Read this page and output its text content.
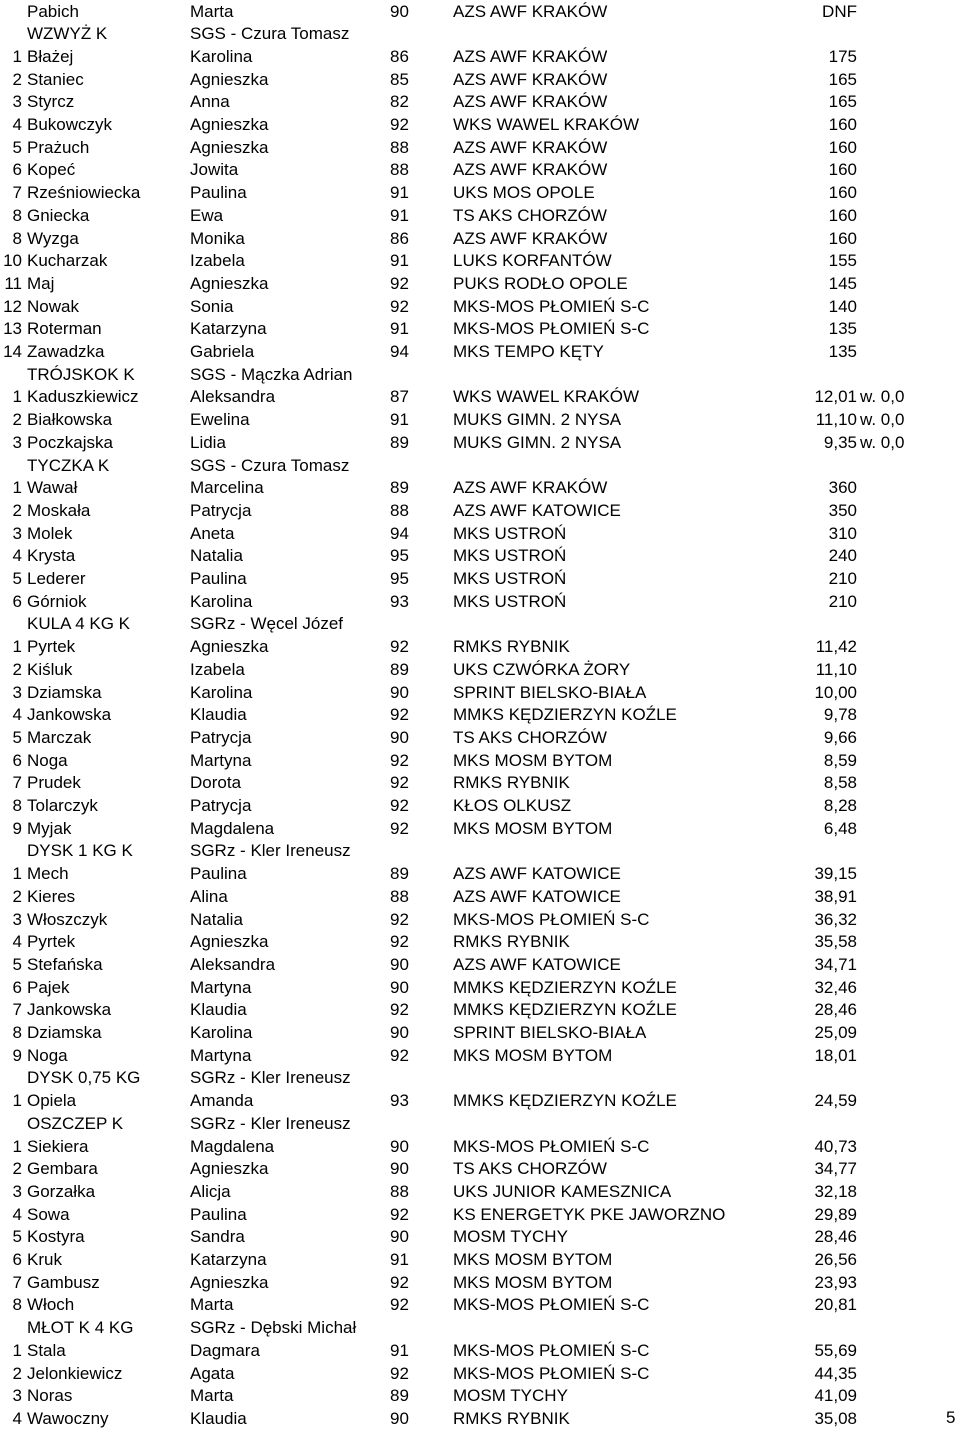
Pabich	Marta	90	AZS AWF KRAKÓW	DNF
WZWYŻ K	SGS - Czura Tomasz
1 Błażej	Karolina	86	AZS AWF KRAKÓW	175
2 Staniec	Agnieszka	85	AZS AWF KRAKÓW	165
3 Styrcz	Anna	82	AZS AWF KRAKÓW	165
4 Bukowczyk	Agnieszka	92	WKS WAWEL KRAKÓW	160
5 Prażuch	Agnieszka	88	AZS AWF KRAKÓW	160
6 Kopeć	Jowita	88	AZS AWF KRAKÓW	160
7 Rześniowiecka	Paulina	91	UKS MOS OPOLE	160
8 Gniecka	Ewa	91	TS AKS CHORZÓW	160
8 Wyzga	Monika	86	AZS AWF KRAKÓW	160
10 Kucharzak	Izabela	91	LUKS KORFANTÓW	155
11 Maj	Agnieszka	92	PUKS RODŁO OPOLE	145
12 Nowak	Sonia	92	MKS-MOS PŁOMIEŃ S-C	140
13 Roterman	Katarzyna	91	MKS-MOS PŁOMIEŃ S-C	135
14 Zawadzka	Gabriela	94	MKS TEMPO KĘTY	135
TRÓJSKOK K	SGS - Mączka Adrian
1 Kaduszkiewicz	Aleksandra	87	WKS WAWEL KRAKÓW	12,01 w. 0,0
2 Białkowska	Ewelina	91	MUKS GIMN. 2 NYSA	11,10 w. 0,0
3 Poczkajska	Lidia	89	MUKS GIMN. 2 NYSA	9,35 w. 0,0
TYCZKA K	SGS - Czura Tomasz
1 Wawał	Marcelina	89	AZS AWF KRAKÓW	360
2 Moskała	Patrycja	88	AZS AWF KATOWICE	350
3 Molek	Aneta	94	MKS USTROŃ	310
4 Krysta	Natalia	95	MKS USTROŃ	240
5 Lederer	Paulina	95	MKS USTROŃ	210
6 Górniok	Karolina	93	MKS USTROŃ	210
KULA 4 KG K	SGRz - Węcel Józef
1 Pyrtek	Agnieszka	92	RMKS RYBNIK	11,42
2 Kiśluk	Izabela	89	UKS CZWÓRKA ŻORY	11,10
3 Dziamska	Karolina	90	SPRINT BIELSKO-BIAŁA	10,00
4 Jankowska	Klaudia	92	MMKS KĘDZIERZYN KOŹLE	9,78
5 Marczak	Patrycja	90	TS AKS CHORZÓW	9,66
6 Noga	Martyna	92	MKS MOSM BYTOM	8,59
7 Prudek	Dorota	92	RMKS RYBNIK	8,58
8 Tolarczyk	Patrycja	92	KŁOS OLKUSZ	8,28
9 Myjak	Magdalena	92	MKS MOSM BYTOM	6,48
DYSK 1 KG K	SGRz - Kler Ireneusz
1 Mech	Paulina	89	AZS AWF KATOWICE	39,15
2 Kieres	Alina	88	AZS AWF KATOWICE	38,91
3 Włoszczyk	Natalia	92	MKS-MOS PŁOMIEŃ S-C	36,32
4 Pyrtek	Agnieszka	92	RMKS RYBNIK	35,58
5 Stefańska	Aleksandra	90	AZS AWF KATOWICE	34,71
6 Pajek	Martyna	90	MMKS KĘDZIERZYN KOŹLE	32,46
7 Jankowska	Klaudia	92	MMKS KĘDZIERZYN KOŹLE	28,46
8 Dziamska	Karolina	90	SPRINT BIELSKO-BIAŁA	25,09
9 Noga	Martyna	92	MKS MOSM BYTOM	18,01
DYSK 0,75 KG	SGRz - Kler Ireneusz
1 Opiela	Amanda	93	MMKS KĘDZIERZYN KOŹLE	24,59
OSZCZEP K	SGRz - Kler Ireneusz
1 Siekiera	Magdalena	90	MKS-MOS PŁOMIEŃ S-C	40,73
2 Gembara	Agnieszka	90	TS AKS CHORZÓW	34,77
3 Gorzałka	Alicja	88	UKS JUNIOR KAMESZNICA	32,18
4 Sowa	Paulina	92	KS ENERGETYK PKE JAWORZNO	29,89
5 Kostyra	Sandra	90	MOSM TYCHY	28,46
6 Kruk	Katarzyna	91	MKS MOSM BYTOM	26,56
7 Gambusz	Agnieszka	92	MKS MOSM BYTOM	23,93
8 Włoch	Marta	92	MKS-MOS PŁOMIEŃ S-C	20,81
MŁOT K 4 KG	SGRz - Dębski Michał
1 Stala	Dagmara	91	MKS-MOS PŁOMIEŃ S-C	55,69
2 Jelonkiewicz	Agata	92	MKS-MOS PŁOMIEŃ S-C	44,35
3 Noras	Marta	89	MOSM TYCHY	41,09
4 Wawoczny	Klaudia	90	RMKS RYBNIK	35,08	5
